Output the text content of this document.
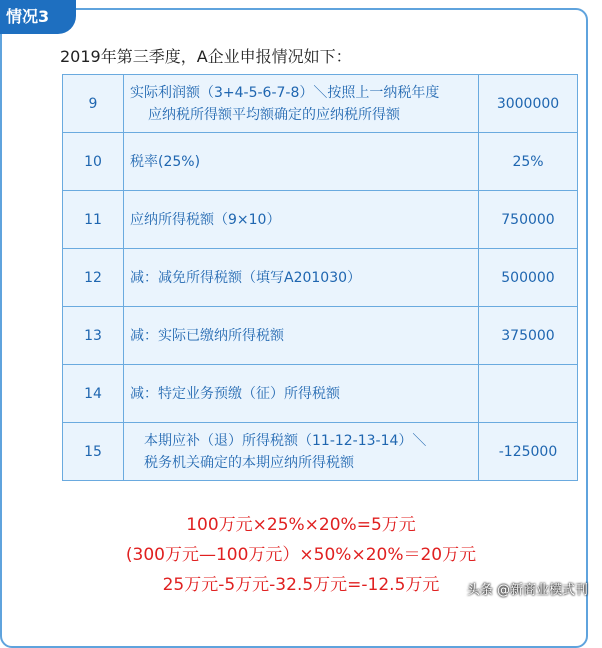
情况3
2019年第三季度，A企业申报情况如下：
9	实际利润额（3+4-5-6-7-8）＼按照上一纳税年度
应纳税所得额平均额确定的应纳税所得额	3000000
10	税率(25%)	25%
11	应纳所得税额（9×10）	750000
12	减：减免所得税额（填写A201030）	500000
13	减：实际已缴纳所得税额	375000
14	减：特定业务预缴（征）所得税额	

15	本期应补（退）所得税额（11-12-13-14）＼
税务机关确定的本期应纳所得税额	-125000
100万元×25%×20%=5万元
(300万元—100万元）×50%×20%＝20万元
25万元-5万元-32.5万元=-12.5万元
头条 @新商业模式刊
